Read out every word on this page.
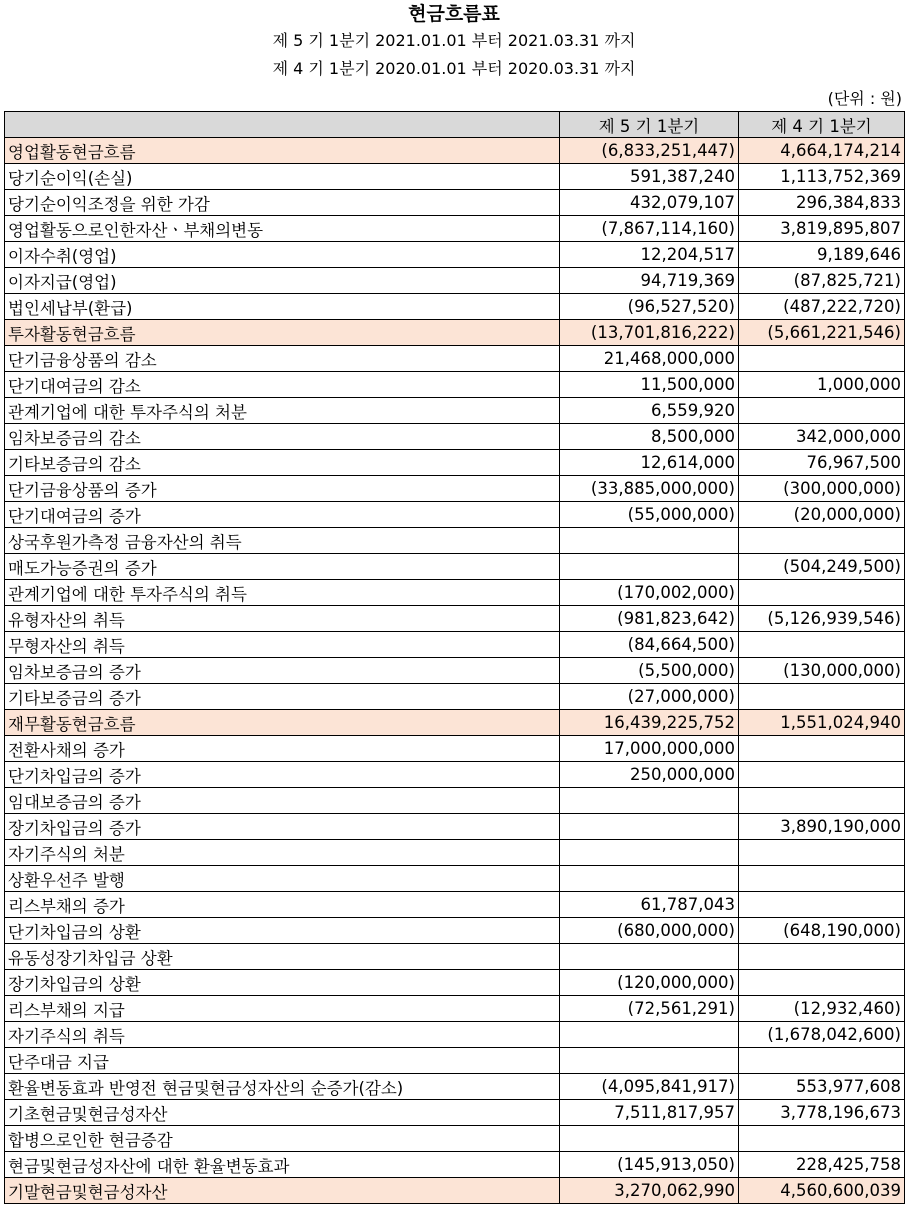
현금흐름표
제 5 기 1분기 2021.01.01 부터 2021.03.31 까지
제 4 기 1분기 2020.01.01 부터 2020.03.31 까지
(단위 : 원)
	제 5 기 1분기	제 4 기 1분기
영업활동현금흐름	(6,833,251,447)	4,664,174,214
당기순이익(손실)	591,387,240	1,113,752,369
당기순이익조정을 위한 가감	432,079,107	296,384,833
영업활동으로인한자산ㆍ부채의변동	(7,867,114,160)	3,819,895,807
이자수취(영업)	12,204,517	9,189,646
이자지급(영업)	94,719,369	(87,825,721)
법인세납부(환급)	(96,527,520)	(487,222,720)
투자활동현금흐름	(13,701,816,222)	(5,661,221,546)
단기금융상품의 감소	21,468,000,000	
단기대여금의 감소	11,500,000	1,000,000
관계기업에 대한 투자주식의 처분	6,559,920	
임차보증금의 감소	8,500,000	342,000,000
기타보증금의 감소	12,614,000	76,967,500
단기금융상품의 증가	(33,885,000,000)	(300,000,000)
단기대여금의 증가	(55,000,000)	(20,000,000)
상국후원가측정 금융자산의 취득		
매도가능증권의 증가		(504,249,500)
관계기업에 대한 투자주식의 취득	(170,002,000)	
유형자산의 취득	(981,823,642)	(5,126,939,546)
무형자산의 취득	(84,664,500)	
임차보증금의 증가	(5,500,000)	(130,000,000)
기타보증금의 증가	(27,000,000)	
재무활동현금흐름	16,439,225,752	1,551,024,940
전환사채의 증가	17,000,000,000	
단기차입금의 증가	250,000,000	
임대보증금의 증가		
장기차입금의 증가		3,890,190,000
자기주식의 처분		
상환우선주 발행		
리스부채의 증가	61,787,043	
단기차입금의 상환	(680,000,000)	(648,190,000)
유동성장기차입금 상환		
장기차입금의 상환	(120,000,000)	
리스부채의 지급	(72,561,291)	(12,932,460)
자기주식의 취득		(1,678,042,600)
단주대금 지급		
환율변동효과 반영전 현금및현금성자산의 순증가(감소)	(4,095,841,917)	553,977,608
기초현금및현금성자산	7,511,817,957	3,778,196,673
합병으로인한 현금증감		
현금및현금성자산에 대한 환율변동효과	(145,913,050)	228,425,758
기말현금및현금성자산	3,270,062,990	4,560,600,039
